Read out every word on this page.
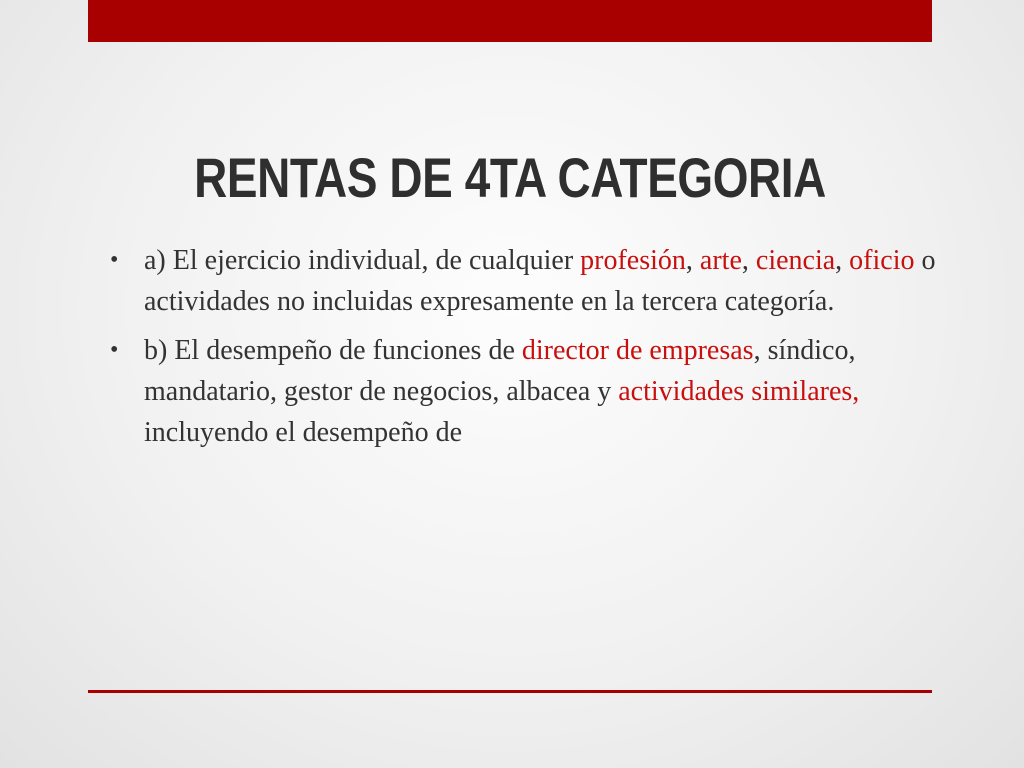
RENTAS DE 4TA CATEGORIA
• a) El ejercicio individual, de cualquier profesión, arte, ciencia, oficio o actividades no incluidas expresamente en la tercera categoría.
• b) El desempeño de funciones de director de empresas, síndico, mandatario, gestor de negocios, albacea y actividades similares, incluyendo el desempeño de
